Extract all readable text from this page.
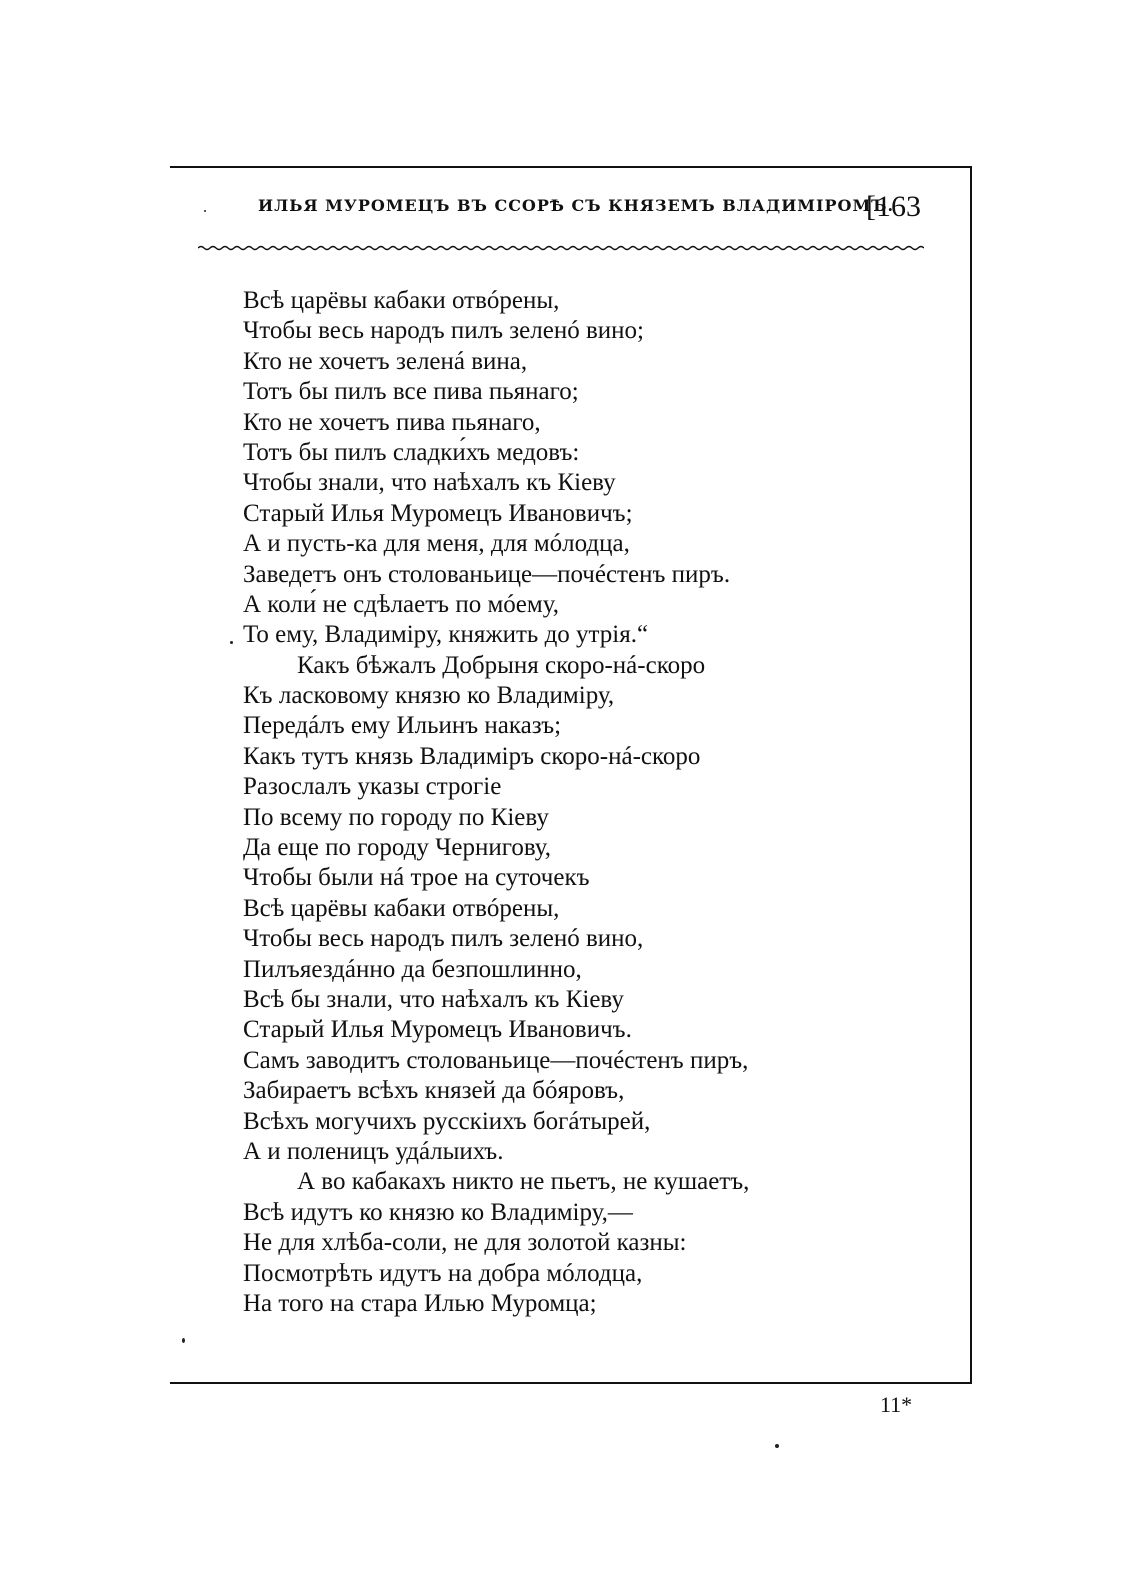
ИЛЬЯ МУРОМЕЦЪ ВЪ ССОРѢ СЪ КНЯЗЕМЪ ВЛАДИМІРОМЪ.
[163
Всѣ царёвы кабаки отвóрены,
Чтобы весь народъ пилъ зеленó вино;
Кто не хочетъ зеленá вина,
Тотъ бы пилъ все пива пьянаго;
Кто не хочетъ пива пьянаго,
Тотъ бы пилъ сладки́хъ медовъ:
Чтобы знали, что наѣхалъ къ Кіеву
Старый Илья Муромецъ Ивановичъ;
А и пусть-ка для меня, для мóлодца,
Заведетъ онъ столованьице—почéстенъ пиръ.
А коли́ не сдѣлаетъ по мóему,
То ему, Владиміру, княжить до утрія.“
Какъ бѣжалъ Добрыня скоро-нá-скоро
Къ ласковому князю ко Владиміру,
Передáлъ ему Ильинъ наказъ;
Какъ тутъ князь Владиміръ скоро-нá-скоро
Разослалъ указы строгіе
По всему по городу по Кіеву
Да еще по городу Чернигову,
Чтобы были нá трое на суточекъ
Всѣ царёвы кабаки отвóрены,
Чтобы весь народъ пилъ зеленó вино,
Пилъяездáнно да безпошлинно,
Всѣ бы знали, что наѣхалъ къ Кіеву
Старый Илья Муромецъ Ивановичъ.
Самъ заводитъ столованьице—почéстенъ пиръ,
Забираетъ всѣхъ князей да бóяровъ,
Всѣхъ могучихъ русскіихъ богáтырей,
А и поленицъ удáлыихъ.
А во кабакахъ никто не пьетъ, не кушаетъ,
Всѣ идутъ ко князю ко Владиміру,—
Не для хлѣба-соли, не для золотой казны:
Посмотрѣть идутъ на добра мóлодца,
На того на стара Илью Муромца;
11*
